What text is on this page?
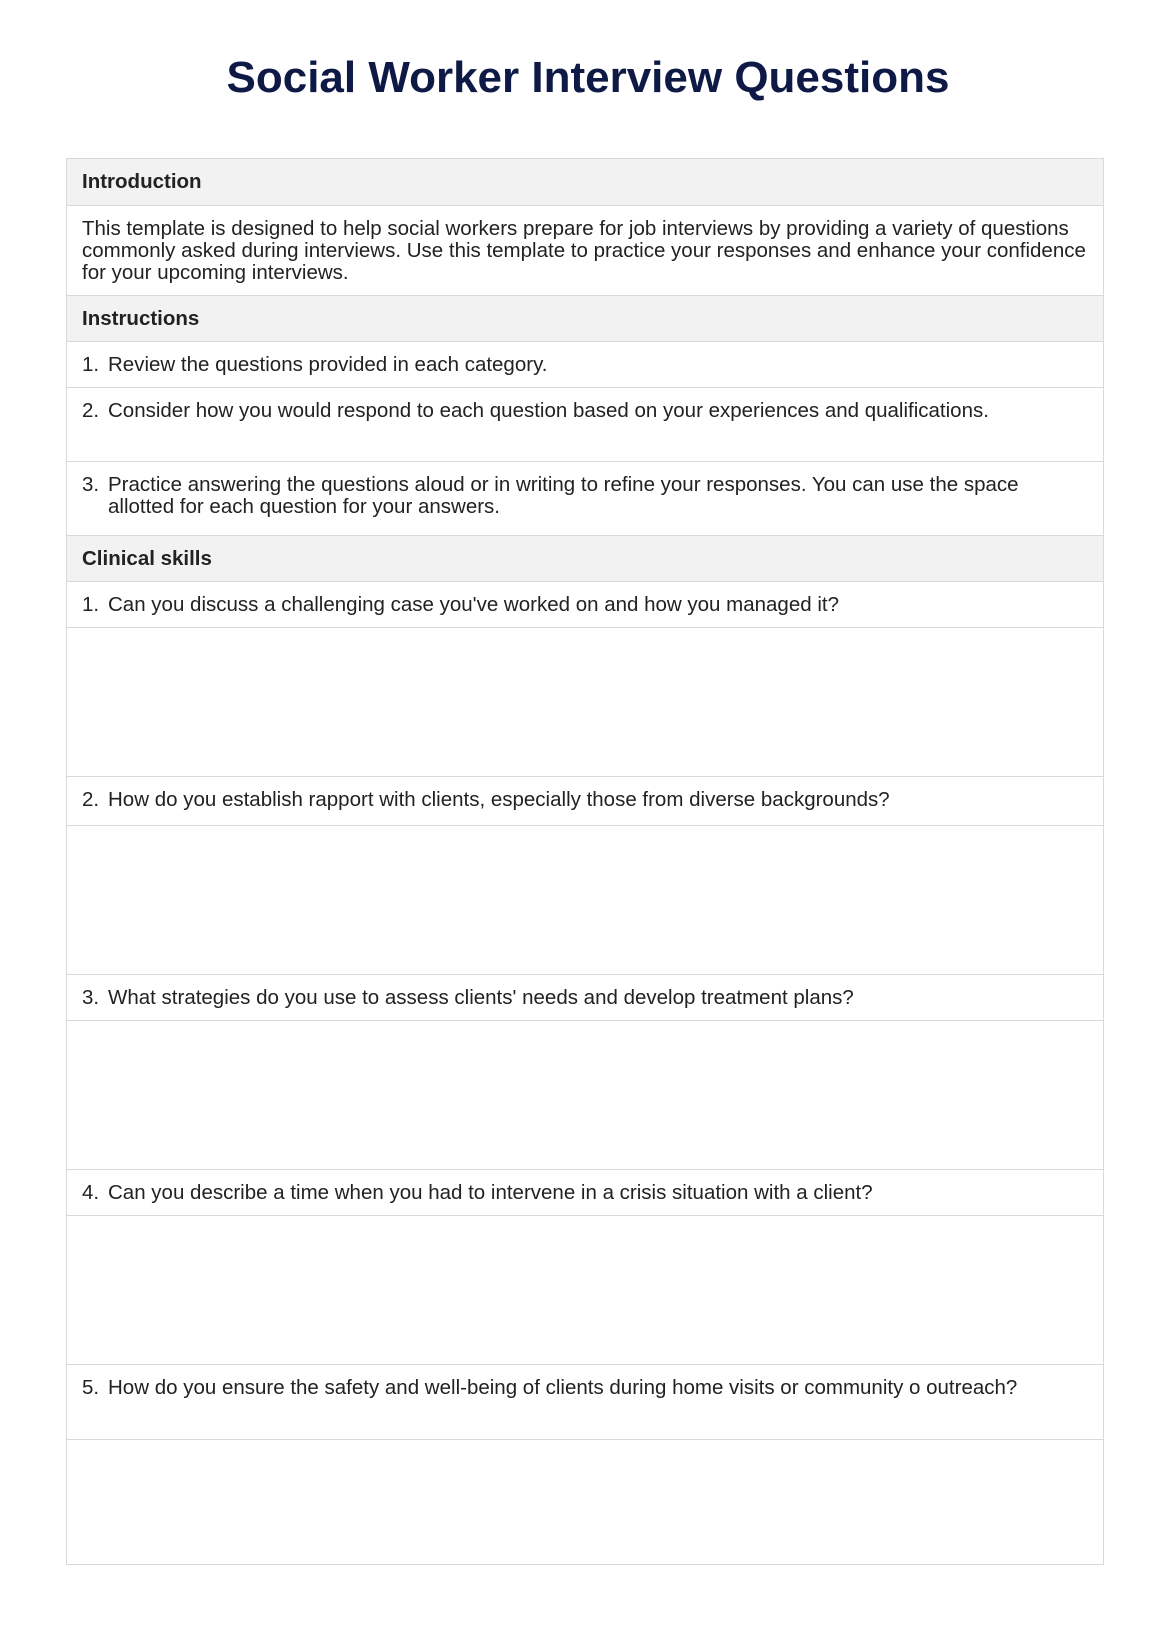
Social Worker Interview Questions
Introduction
This template is designed to help social workers prepare for job interviews by providing a variety of questions commonly asked during interviews. Use this template to practice your responses and enhance your confidence for your upcoming interviews.
Instructions
1. Review the questions provided in each category.
2. Consider how you would respond to each question based on your experiences and qualifications.
3. Practice answering the questions aloud or in writing to refine your responses. You can use the space allotted for each question for your answers.
Clinical skills
1. Can you discuss a challenging case you've worked on and how you managed it?
2. How do you establish rapport with clients, especially those from diverse backgrounds?
3. What strategies do you use to assess clients' needs and develop treatment plans?
4. Can you describe a time when you had to intervene in a crisis situation with a client?
5. How do you ensure the safety and well-being of clients during home visits or community o outreach?
